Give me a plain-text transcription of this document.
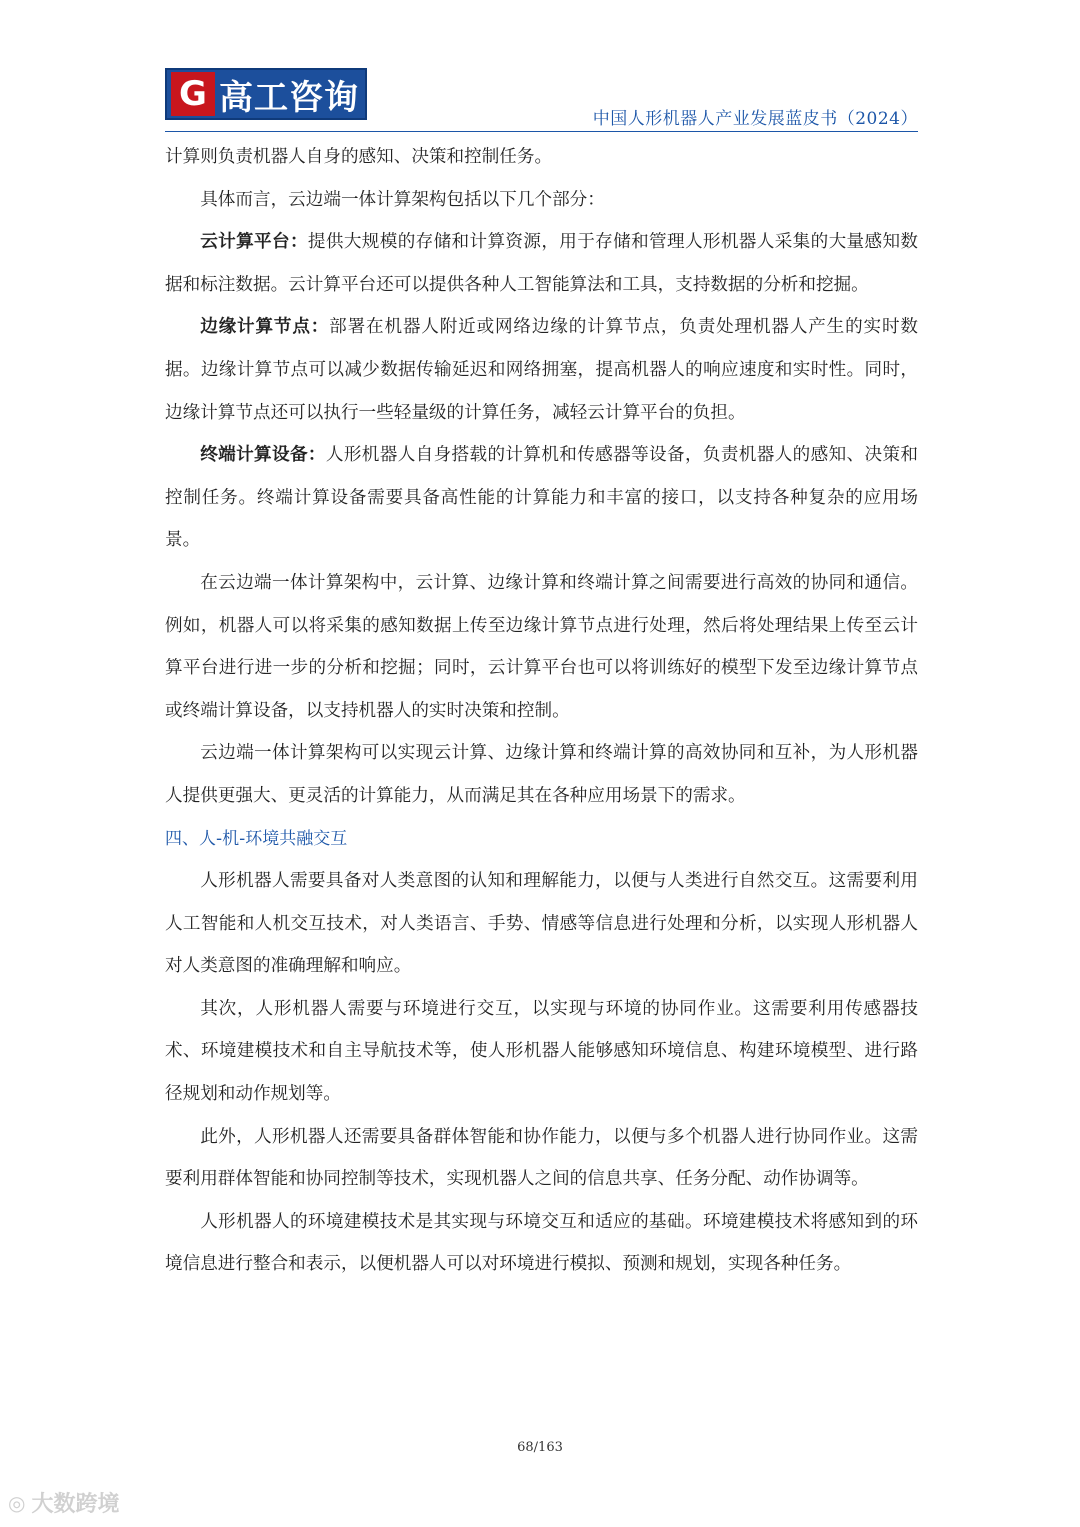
G 高工咨询
中国人形机器人产业发展蓝皮书（2024）

计算则负责机器人自身的感知、决策和控制任务。

具体而言，云边端一体计算架构包括以下几个部分：

云计算平台：提供大规模的存储和计算资源，用于存储和管理人形机器人采集的大量感知数据和标注数据。云计算平台还可以提供各种人工智能算法和工具，支持数据的分析和挖掘。

边缘计算节点：部署在机器人附近或网络边缘的计算节点，负责处理机器人产生的实时数据。边缘计算节点可以减少数据传输延迟和网络拥塞，提高机器人的响应速度和实时性。同时，边缘计算节点还可以执行一些轻量级的计算任务，减轻云计算平台的负担。

终端计算设备：人形机器人自身搭载的计算机和传感器等设备，负责机器人的感知、决策和控制任务。终端计算设备需要具备高性能的计算能力和丰富的接口，以支持各种复杂的应用场景。

在云边端一体计算架构中，云计算、边缘计算和终端计算之间需要进行高效的协同和通信。例如，机器人可以将采集的感知数据上传至边缘计算节点进行处理，然后将处理结果上传至云计算平台进行进一步的分析和挖掘；同时，云计算平台也可以将训练好的模型下发至边缘计算节点或终端计算设备，以支持机器人的实时决策和控制。

云边端一体计算架构可以实现云计算、边缘计算和终端计算的高效协同和互补，为人形机器人提供更强大、更灵活的计算能力，从而满足其在各种应用场景下的需求。

四、人-机-环境共融交互

人形机器人需要具备对人类意图的认知和理解能力，以便与人类进行自然交互。这需要利用人工智能和人机交互技术，对人类语言、手势、情感等信息进行处理和分析，以实现人形机器人对人类意图的准确理解和响应。

其次，人形机器人需要与环境进行交互，以实现与环境的协同作业。这需要利用传感器技术、环境建模技术和自主导航技术等，使人形机器人能够感知环境信息、构建环境模型、进行路径规划和动作规划等。

此外，人形机器人还需要具备群体智能和协作能力，以便与多个机器人进行协同作业。这需要利用群体智能和协同控制等技术，实现机器人之间的信息共享、任务分配、动作协调等。

人形机器人的环境建模技术是其实现与环境交互和适应的基础。环境建模技术将感知到的环境信息进行整合和表示，以便机器人可以对环境进行模拟、预测和规划，实现各种任务。

68/163
◎ 大数跨境
